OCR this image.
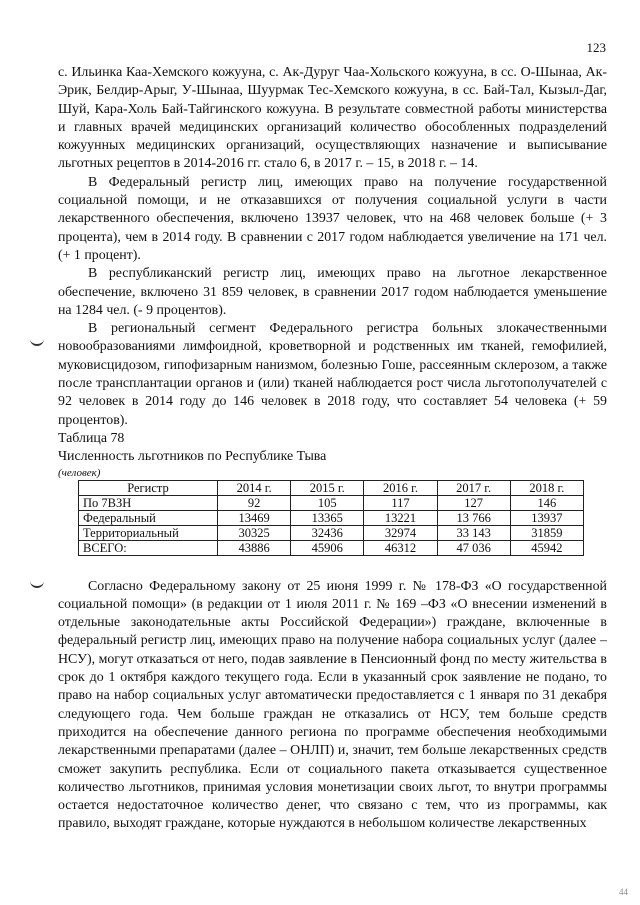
123

с. Ильинка Каа-Хемского кожууна, с. Ак-Дуруг Чаа-Хольского кожууна, в сс. О-Шынаа, Ак-Эрик, Белдир-Арыг, У-Шынаа, Шуурмак Тес-Хемского кожууна, в сс. Бай-Тал, Кызыл-Даг, Шуй, Кара-Холь Бай-Тайгинского кожууна. В результате совместной работы министерства и главных врачей медицинских организаций количество обособленных подразделений кожуунных медицинских организаций, осуществляющих назначение и выписывание льготных рецептов в 2014-2016 гг. стало 6, в 2017 г. – 15, в 2018 г. – 14.

В Федеральный регистр лиц, имеющих право на получение государственной социальной помощи, и не отказавшихся от получения социальной услуги в части лекарственного обеспечения, включено 13937 человек, что на 468 человек больше (+ 3 процента), чем в 2014 году. В сравнении с 2017 годом наблюдается увеличение на 171 чел. (+ 1 процент).

В республиканский регистр лиц, имеющих право на льготное лекарственное обеспечение, включено 31 859 человек, в сравнении 2017 годом наблюдается уменьшение на 1284 чел. (- 9 процентов).

В региональный сегмент Федерального регистра больных злокачественными новообразованиями лимфоидной, кроветворной и родственных им тканей, гемофилией, муковисцидозом, гипофизарным нанизмом, болезнью Гоше, рассеянным склерозом, а также после трансплантации органов и (или) тканей наблюдается рост числа льготополучателей с 92 человек в 2014 году до 146 человек в 2018 году, что составляет 54 человека (+ 59 процентов).

Таблица 78

Численность льготников по Республике Тыва

(человек)

Регистр	2014 г.	2015 г.	2016 г.	2017 г.	2018 г.
По 7ВЗН	92	105	117	127	146
Федеральный	13469	13365	13221	13 766	13937
Территориальный	30325	32436	32974	33 143	31859
ВСЕГО:	43886	45906	46312	47 036	45942

Согласно Федеральному закону от 25 июня 1999 г. № 178-ФЗ «О государственной социальной помощи» (в редакции от 1 июля 2011 г. № 169 –ФЗ «О внесении изменений в отдельные законодательные акты Российской Федерации») граждане, включенные в федеральный регистр лиц, имеющих право на получение набора социальных услуг (далее – НСУ), могут отказаться от него, подав заявление в Пенсионный фонд по месту жительства в срок до 1 октября каждого текущего года. Если в указанный срок заявление не подано, то право на набор социальных услуг автоматически предоставляется с 1 января по 31 декабря следующего года. Чем больше граждан не отказались от НСУ, тем больше средств приходится на обеспечение данного региона по программе обеспечения необходимыми лекарственными препаратами (далее – ОНЛП) и, значит, тем больше лекарственных средств сможет закупить республика. Если от социального пакета отказывается существенное количество льготников, принимая условия монетизации своих льгот, то внутри программы остается недостаточное количество денег, что связано с тем, что из программы, как правило, выходят граждане, которые нуждаются в небольшом количестве лекарственных

44
